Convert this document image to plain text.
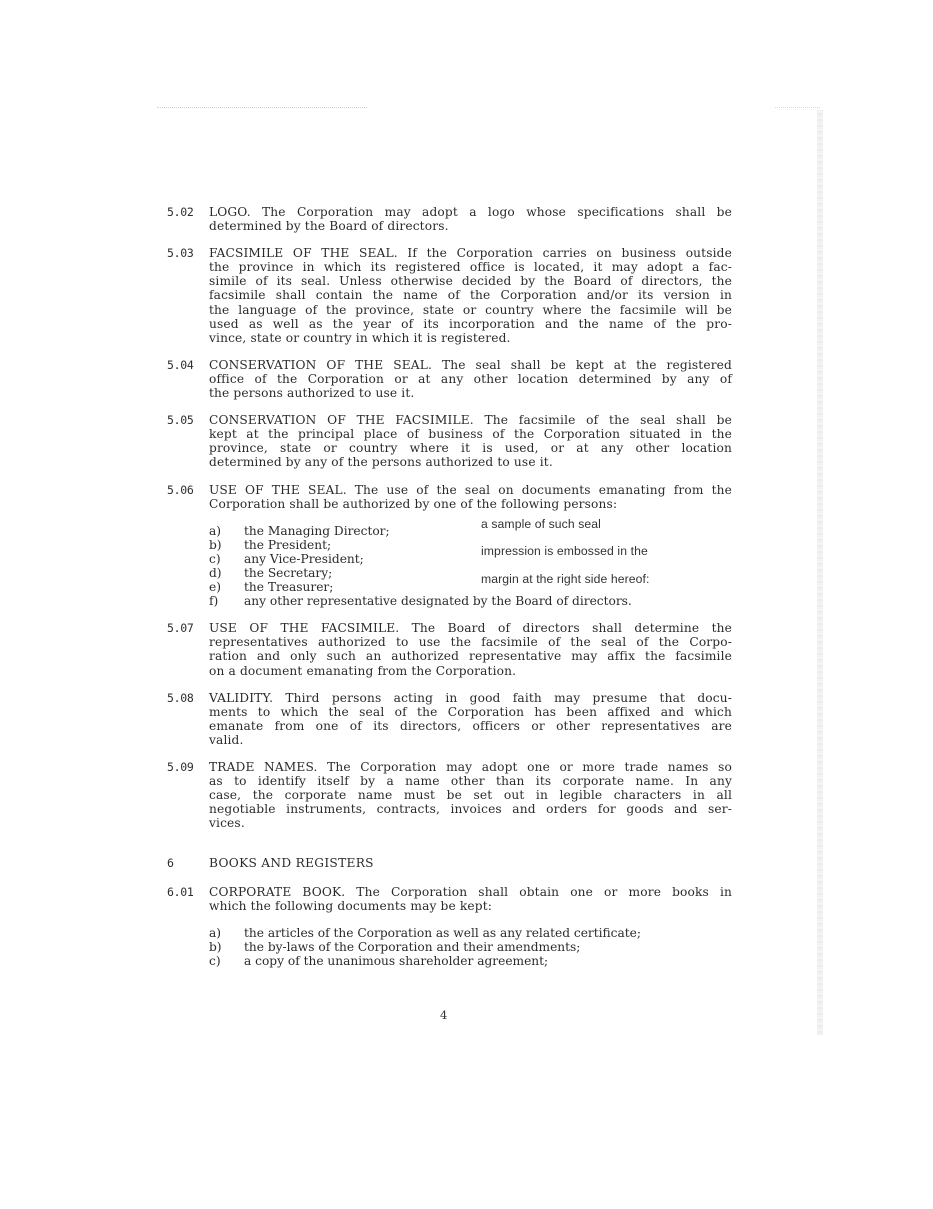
5.02	LOGO. The Corporation may adopt a logo whose specifications shall be
determined by the Board of directors.
5.03	FACSIMILE OF THE SEAL. If the Corporation carries on business outside
the province in which its registered office is located, it may adopt a fac-
simile of its seal. Unless otherwise decided by the Board of directors, the
facsimile shall contain the name of the Corporation and/or its version in
the language of the province, state or country where the facsimile will be
used as well as the year of its incorporation and the name of the pro-
vince, state or country in which it is registered.
5.04	CONSERVATION OF THE SEAL. The seal shall be kept at the registered
office of the Corporation or at any other location determined by any of
the persons authorized to use it.
5.05	CONSERVATION OF THE FACSIMILE. The facsimile of the seal shall be
kept at the principal place of business of the Corporation situated in the
province, state or country where it is used, or at any other location
determined by any of the persons authorized to use it.
5.06	USE OF THE SEAL. The use of the seal on documents emanating from the
Corporation shall be authorized by one of the following persons:
a)	the Managing Director;
b)	the President;
c)	any Vice-President;
d)	the Secretary;
e)	the Treasurer;
f)	any other representative designated by the Board of directors.
a sample of such seal
impression is embossed in the
margin at the right side hereof:
5.07	USE OF THE FACSIMILE. The Board of directors shall determine the
representatives authorized to use the facsimile of the seal of the Corpo-
ration and only such an authorized representative may affix the facsimile
on a document emanating from the Corporation.
5.08	VALIDITY. Third persons acting in good faith may presume that docu-
ments to which the seal of the Corporation has been affixed and which
emanate from one of its directors, officers or other representatives are
valid.
5.09	TRADE NAMES. The Corporation may adopt one or more trade names so
as to identify itself by a name other than its corporate name. In any
case, the corporate name must be set out in legible characters in all
negotiable instruments, contracts, invoices and orders for goods and ser-
vices.
6	BOOKS AND REGISTERS
6.01	CORPORATE BOOK. The Corporation shall obtain one or more books in
which the following documents may be kept:
a)	the articles of the Corporation as well as any related certificate;
b)	the by-laws of the Corporation and their amendments;
c)	a copy of the unanimous shareholder agreement;
4
